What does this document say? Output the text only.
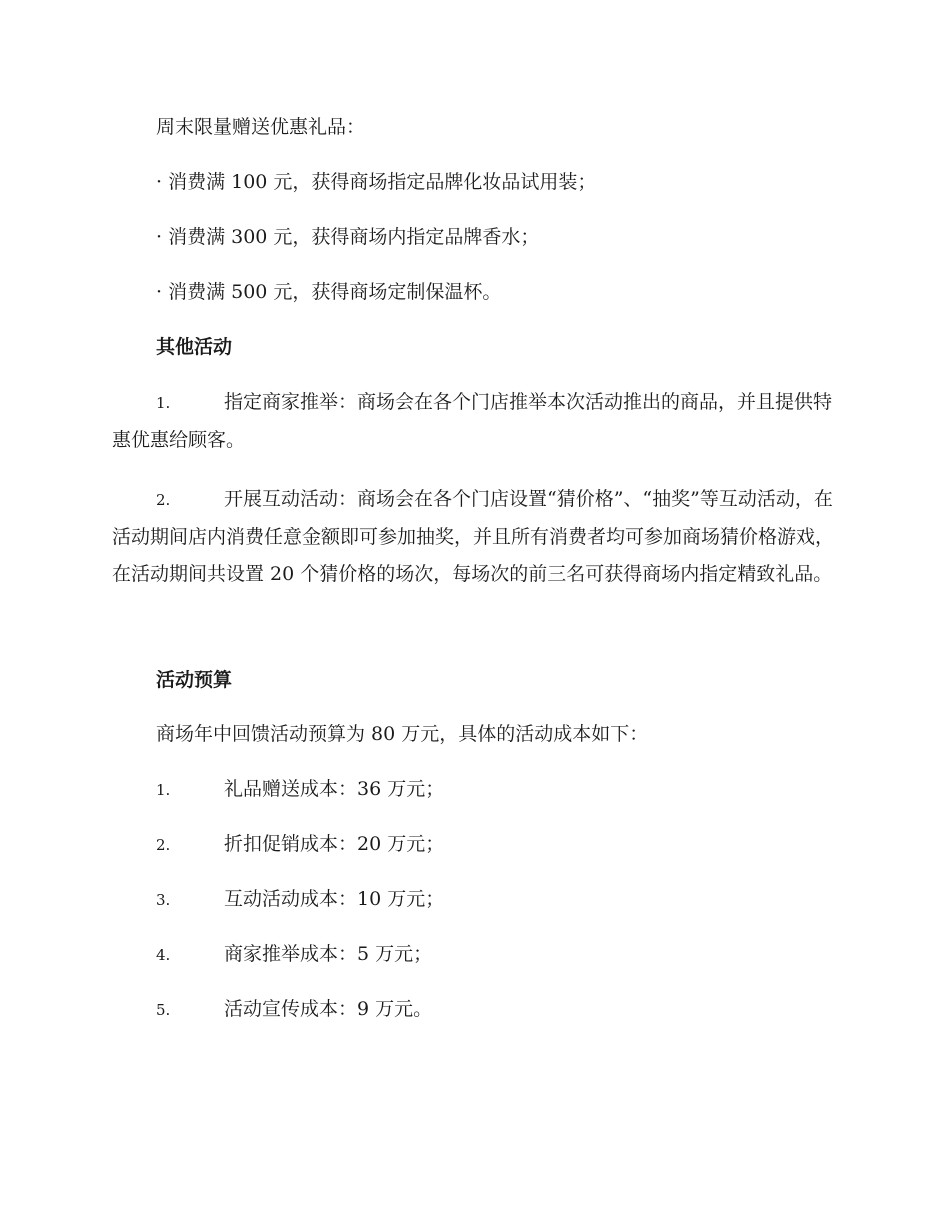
周末限量赠送优惠礼品：

· 消费满 100 元，获得商场指定品牌化妆品试用装；

· 消费满 300 元，获得商场内指定品牌香水；

· 消费满 500 元，获得商场定制保温杯。

其他活动

1.	指定商家推举：商场会在各个门店推举本次活动推出的商品，并且提供特惠优惠给顾客。

2.	开展互动活动：商场会在各个门店设置“猜价格”、“抽奖”等互动活动，在活动期间店内消费任意金额即可参加抽奖，并且所有消费者均可参加商场猜价格游戏，在活动期间共设置 20 个猜价格的场次，每场次的前三名可获得商场内指定精致礼品。

活动预算

商场年中回馈活动预算为 80 万元，具体的活动成本如下：

1.	礼品赠送成本：36 万元；

2.	折扣促销成本：20 万元；

3.	互动活动成本：10 万元；

4.	商家推举成本：5 万元；

5.	活动宣传成本：9 万元。
